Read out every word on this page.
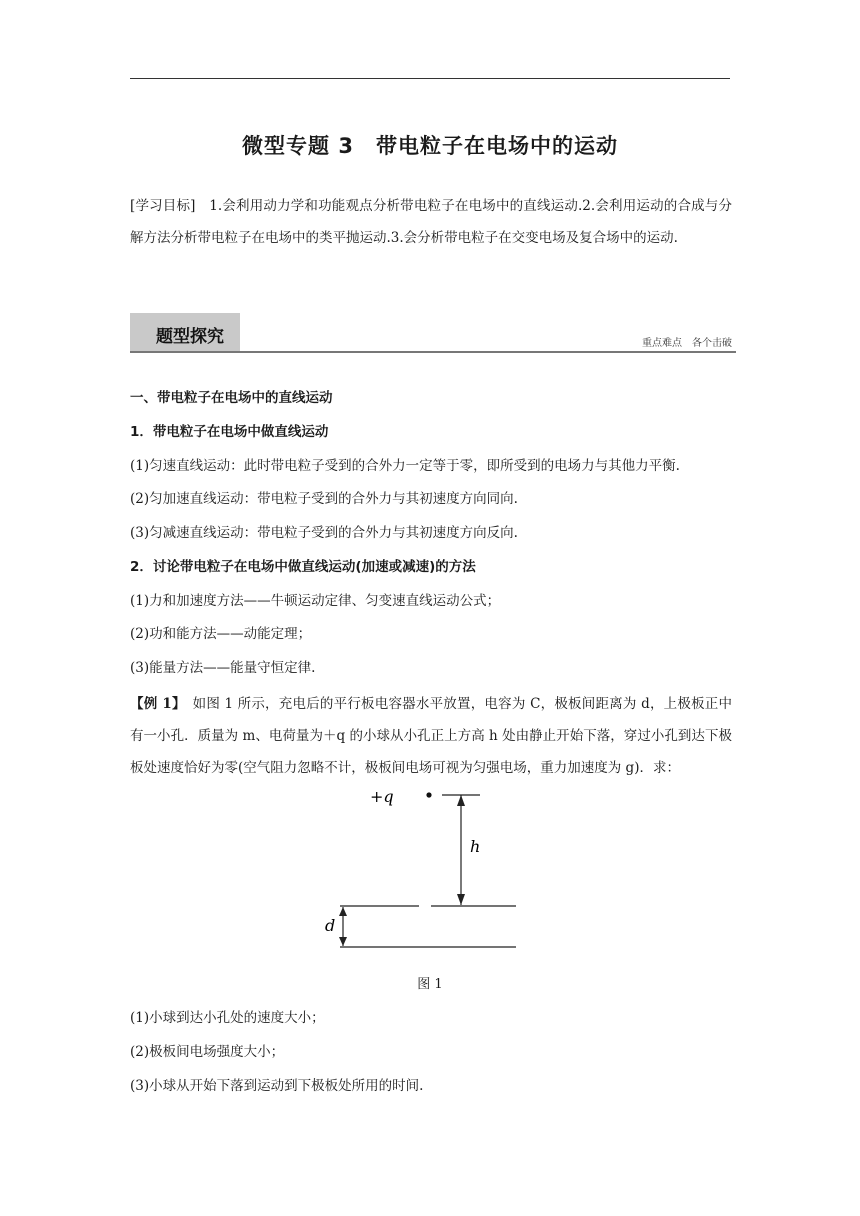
微型专题 3　带电粒子在电场中的运动
[学习目标]　1.会利用动力学和功能观点分析带电粒子在电场中的直线运动.2.会利用运动的合成与分解方法分析带电粒子在电场中的类平抛运动.3.会分析带电粒子在交变电场及复合场中的运动.
题型探究	重点难点　各个击破
一、带电粒子在电场中的直线运动
1．带电粒子在电场中做直线运动
(1)匀速直线运动：此时带电粒子受到的合外力一定等于零，即所受到的电场力与其他力平衡.
(2)匀加速直线运动：带电粒子受到的合外力与其初速度方向同向.
(3)匀减速直线运动：带电粒子受到的合外力与其初速度方向反向.
2．讨论带电粒子在电场中做直线运动(加速或减速)的方法
(1)力和加速度方法——牛顿运动定律、匀变速直线运动公式；
(2)功和能方法——动能定理；
(3)能量方法——能量守恒定律.
【例 1】　如图 1 所示，充电后的平行板电容器水平放置，电容为 C，极板间距离为 d，上极板正中有一小孔．质量为 m、电荷量为＋q 的小球从小孔正上方高 h 处由静止开始下落，穿过小孔到达下极板处速度恰好为零(空气阻力忽略不计，极板间电场可视为匀强电场，重力加速度为 g)．求：
+q
h
d
图 1
(1)小球到达小孔处的速度大小；
(2)极板间电场强度大小；
(3)小球从开始下落到运动到下极板处所用的时间.
